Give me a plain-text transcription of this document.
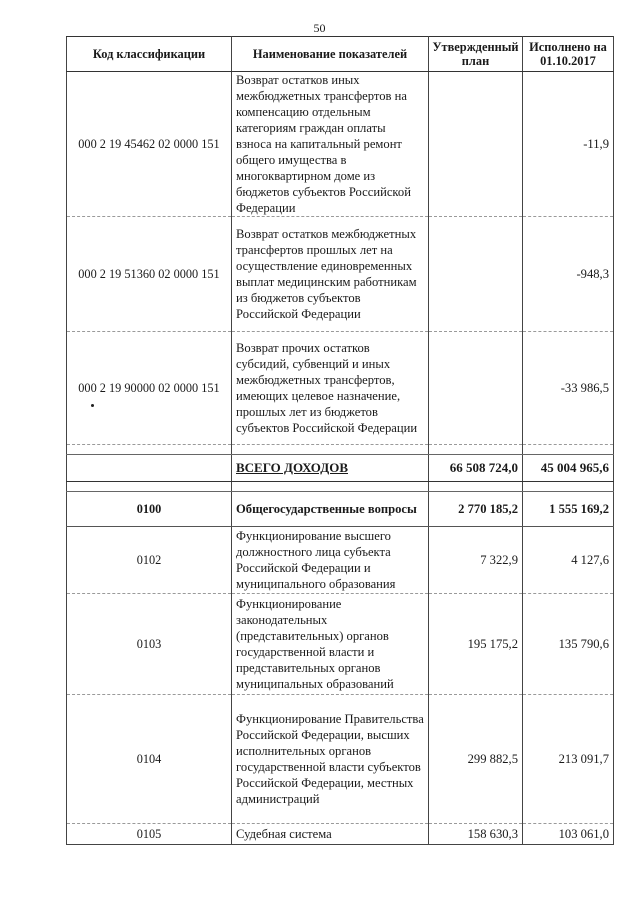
50
Код классификации	Наименование показателей	Утвержденный план	Исполнено на 01.10.2017
000 2 19 45462 02 0000 151	Возврат остатков иных межбюджетных трансфертов на компенсацию отдельным категориям граждан оплаты взноса на капитальный ремонт общего имущества в многоквартирном доме из бюджетов субъектов Российской Федерации		-11,9
000 2 19 51360 02 0000 151	Возврат остатков межбюджетных трансфертов прошлых лет на осуществление единовременных выплат медицинским работникам из бюджетов субъектов Российской Федерации		-948,3
000 2 19 90000 02 0000 151	Возврат прочих остатков субсидий, субвенций и иных межбюджетных трансфертов, имеющих целевое назначение, прошлых лет из бюджетов субъектов Российской Федерации		-33 986,5

	ВСЕГО ДОХОДОВ	66 508 724,0	45 004 965,6

0100	Общегосударственные вопросы	2 770 185,2	1 555 169,2
0102	Функционирование высшего должностного лица субъекта Российской Федерации и муниципального образования	7 322,9	4 127,6
0103	Функционирование законодательных (представительных) органов государственной власти и представительных органов муниципальных образований	195 175,2	135 790,6
0104	Функционирование Правительства Российской Федерации, высших исполнительных органов государственной власти субъектов Российской Федерации, местных администраций	299 882,5	213 091,7
0105	Судебная система	158 630,3	103 061,0
